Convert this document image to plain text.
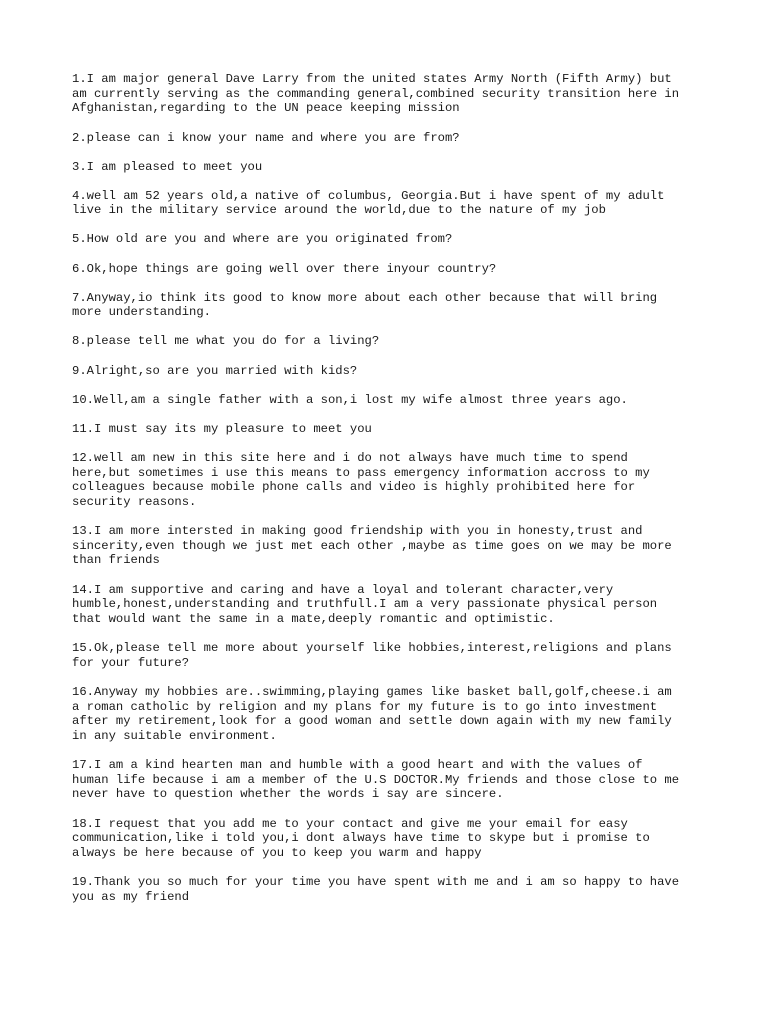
1.I am major general Dave Larry from the united states Army North (Fifth Army) but
am currently serving as the commanding general,combined security transition here in
Afghanistan,regarding to the UN peace keeping mission

2.please can i know your name and where you are from?

3.I am pleased to meet you

4.well am 52 years old,a native of columbus, Georgia.But i have spent of my adult
live in the military service around the world,due to the nature of my job

5.How old are you and where are you originated from?

6.Ok,hope things are going well over there inyour country?

7.Anyway,io think its good to know more about each other because that will bring
more understanding.

8.please tell me what you do for a living?

9.Alright,so are you married with kids?

10.Well,am a single father with a son,i lost my wife almost three years ago.

11.I must say its my pleasure to meet you

12.well am new in this site here and i do not always have much time to spend
here,but sometimes i use this means to pass emergency information accross to my
colleagues because mobile phone calls and video is highly prohibited here for
security reasons.

13.I am more intersted in making good friendship with you in honesty,trust and
sincerity,even though we just met each other ,maybe as time goes on we may be more
than friends

14.I am supportive and caring and have a loyal and tolerant character,very
humble,honest,understanding and truthfull.I am a very passionate physical person
that would want the same in a mate,deeply romantic and optimistic.

15.Ok,please tell me more about yourself like hobbies,interest,religions and plans
for your future?

16.Anyway my hobbies are..swimming,playing games like basket ball,golf,cheese.i am
a roman catholic by religion and my plans for my future is to go into investment
after my retirement,look for a good woman and settle down again with my new family
in any suitable environment.

17.I am a kind hearten man and humble with a good heart and with the values of
human life because i am a member of the U.S DOCTOR.My friends and those close to me
never have to question whether the words i say are sincere.

18.I request that you add me to your contact and give me your email for easy
communication,like i told you,i dont always have time to skype but i promise to
always be here because of you to keep you warm and happy

19.Thank you so much for your time you have spent with me and i am so happy to have
you as my friend
